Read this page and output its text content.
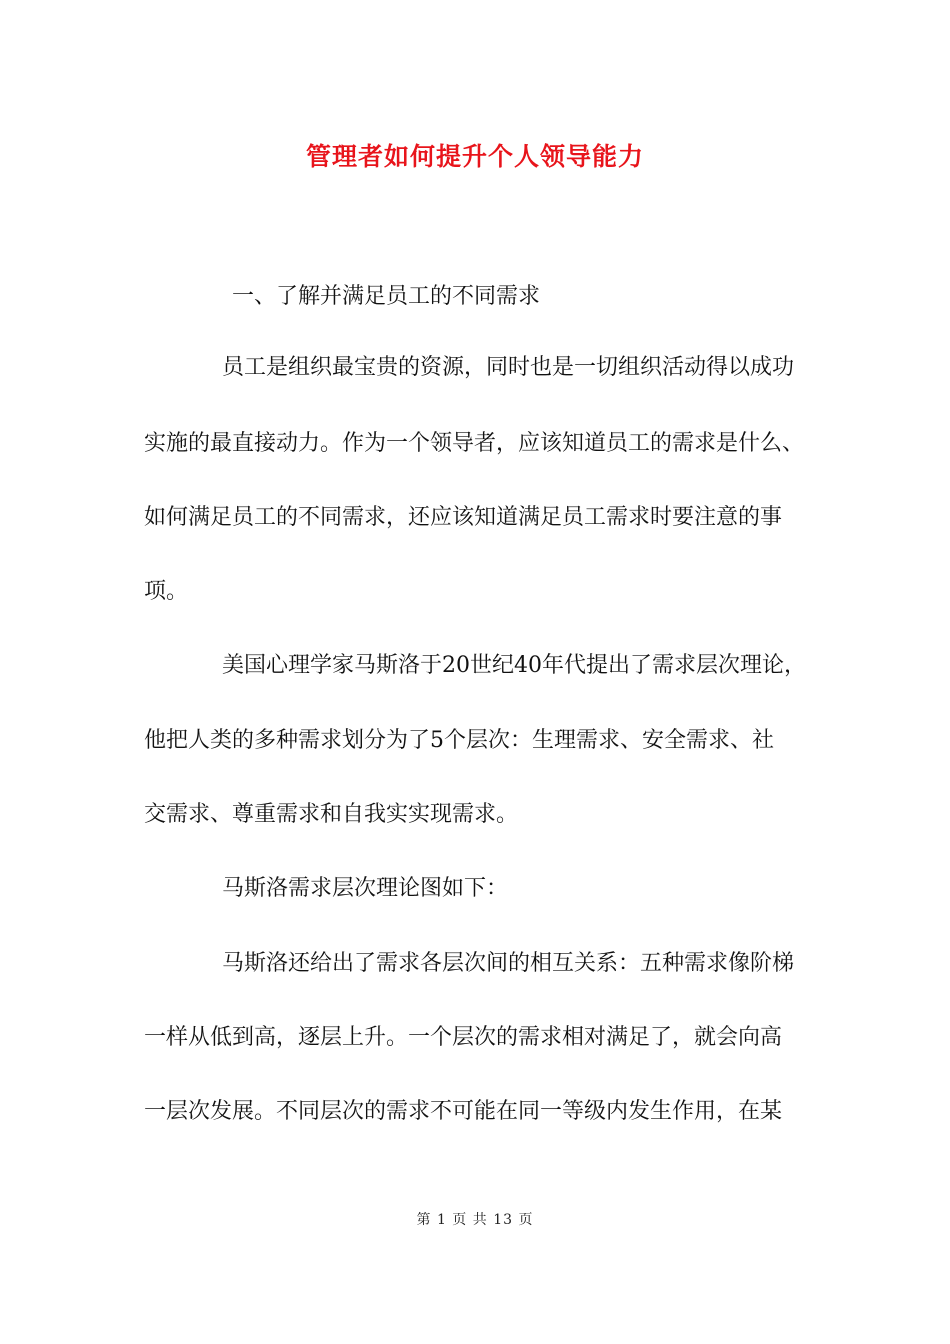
管理者如何提升个人领导能力
一、了解并满足员工的不同需求
员工是组织最宝贵的资源，同时也是一切组织活动得以成功
实施的最直接动力。作为一个领导者，应该知道员工的需求是什么、
如何满足员工的不同需求，还应该知道满足员工需求时要注意的事
项。
美国心理学家马斯洛于20世纪40年代提出了需求层次理论，
他把人类的多种需求划分为了5个层次：生理需求、安全需求、社
交需求、尊重需求和自我实实现需求。
马斯洛需求层次理论图如下：
马斯洛还给出了需求各层次间的相互关系：五种需求像阶梯
一样从低到高，逐层上升。一个层次的需求相对满足了，就会向高
一层次发展。不同层次的需求不可能在同一等级内发生作用，在某
第 1 页 共 13 页
